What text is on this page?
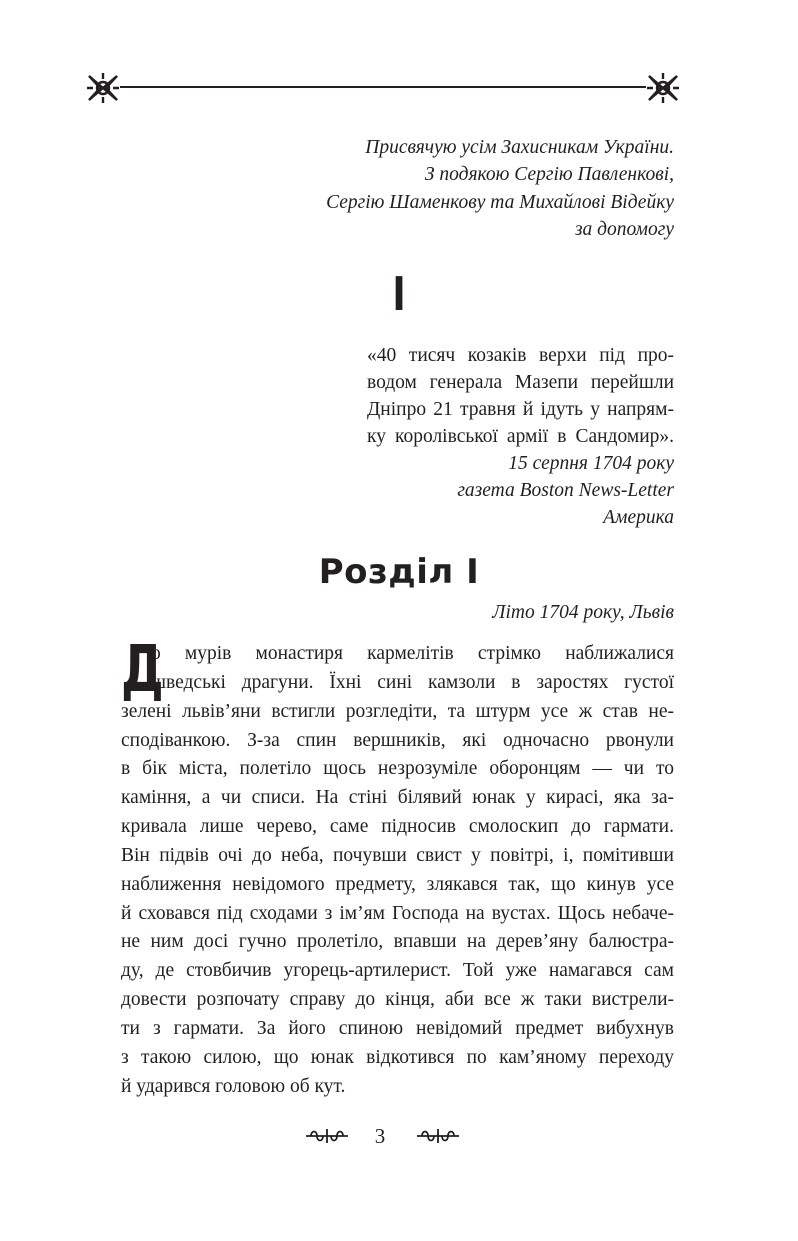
Присвячую усім Захисникам України.
З подякою Сергію Павленкові,
Сергію Шаменкову та Михайлові Відейку
за допомогу
I
«40 тисяч козаків верхи під про-
водом генерала Мазепи перейшли
Дніпро 21 травня й ідуть у напрям-
ку королівської армії в Сандомир».
15 серпня 1704 року
газета Boston News-Letter
Америка
Розділ I
Літо 1704 року, Львів
Д
о мурів монастиря кармелітів стрімко наближалися
шведські драгуни. Їхні сині камзоли в заростях густої
зелені львів’яни встигли розгледіти, та штурм усе ж став не-
сподіванкою. З-за спин вершників, які одночасно рвонули
в бік міста, полетіло щось незрозуміле оборонцям — чи то
каміння, а чи списи. На стіні білявий юнак у кирасі, яка за-
кривала лише черево, саме підносив смолоскип до гармати.
Він підвів очі до неба, почувши свист у повітрі, і, помітивши
наближення невідомого предмету, злякався так, що кинув усе
й сховався під сходами з ім’ям Господа на вустах. Щось небаче-
не ним досі гучно пролетіло, впавши на дерев’яну балюстра-
ду, де стовбичив угорець-артилерист. Той уже намагався сам
довести розпочату справу до кінця, аби все ж таки вистрели-
ти з гармати. За його спиною невідомий предмет вибухнув
з такою силою, що юнак відкотився по кам’яному переходу
й ударився головою об кут.
3
